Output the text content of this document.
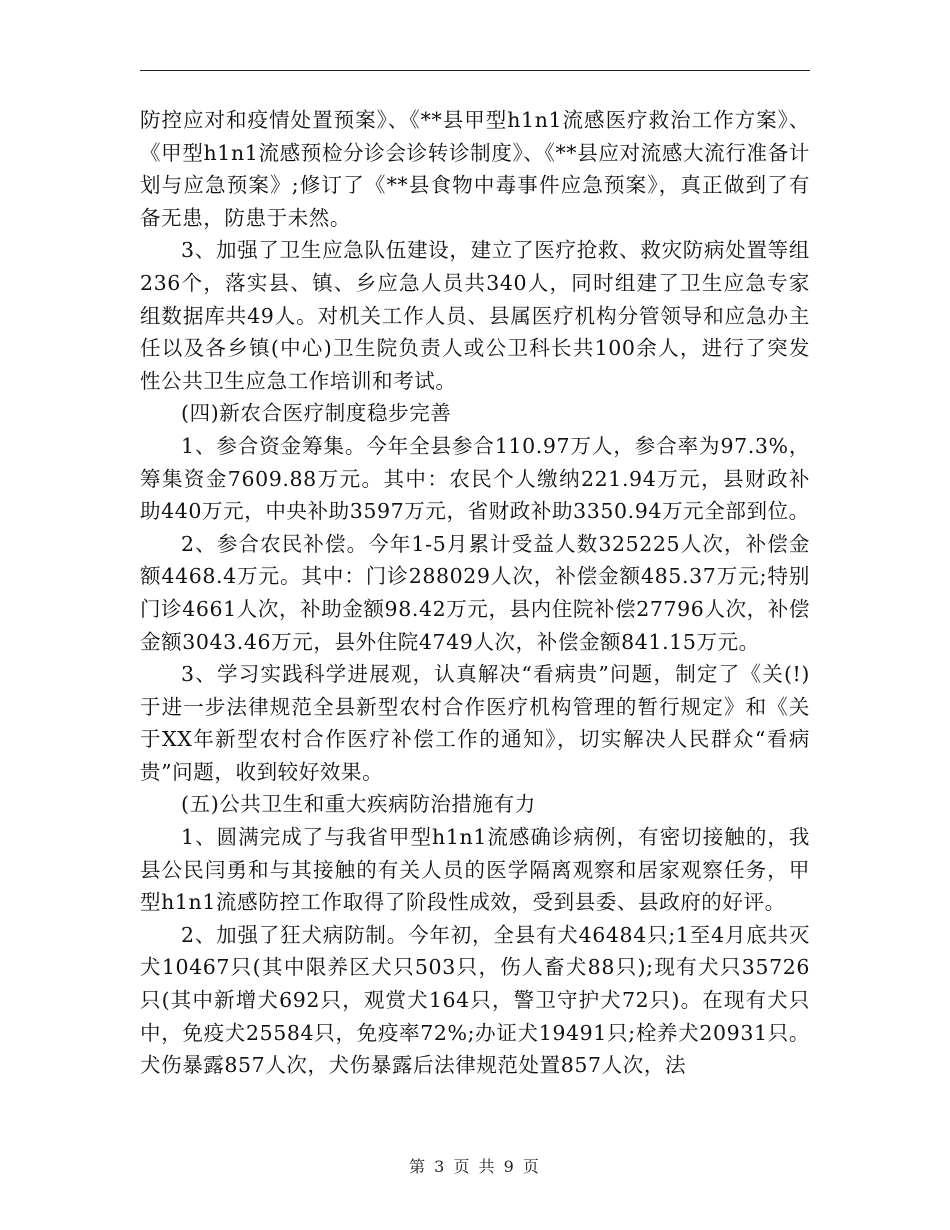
防控应对和疫情处置预案》、《**县甲型h1n1流感医疗救治工作方案》、《甲型h1n1流感预检分诊会诊转诊制度》、《**县应对流感大流行准备计划与应急预案》;修订了《**县食物中毒事件应急预案》，真正做到了有备无患，防患于未然。

3、加强了卫生应急队伍建设，建立了医疗抢救、救灾防病处置等组236个，落实县、镇、乡应急人员共340人，同时组建了卫生应急专家组数据库共49人。对机关工作人员、县属医疗机构分管领导和应急办主任以及各乡镇(中心)卫生院负责人或公卫科长共100余人，进行了突发性公共卫生应急工作培训和考试。

(四)新农合医疗制度稳步完善

1、参合资金筹集。今年全县参合110.97万人，参合率为97.3%，筹集资金7609.88万元。其中：农民个人缴纳221.94万元，县财政补助440万元，中央补助3597万元，省财政补助3350.94万元全部到位。

2、参合农民补偿。今年1-5月累计受益人数325225人次，补偿金额4468.4万元。其中：门诊288029人次，补偿金额485.37万元;特别门诊4661人次，补助金额98.42万元，县内住院补偿27796人次，补偿金额3043.46万元，县外住院4749人次，补偿金额841.15万元。

3、学习实践科学进展观，认真解决“看病贵”问题，制定了《关(!)于进一步法律规范全县新型农村合作医疗机构管理的暂行规定》和《关于XX年新型农村合作医疗补偿工作的通知》，切实解决人民群众“看病贵”问题，收到较好效果。

(五)公共卫生和重大疾病防治措施有力

1、圆满完成了与我省甲型h1n1流感确诊病例，有密切接触的，我县公民闫勇和与其接触的有关人员的医学隔离观察和居家观察任务，甲型h1n1流感防控工作取得了阶段性成效，受到县委、县政府的好评。

2、加强了狂犬病防制。今年初，全县有犬46484只;1至4月底共灭犬10467只(其中限养区犬只503只，伤人畜犬88只);现有犬只35726只(其中新增犬692只，观赏犬164只，警卫守护犬72只)。在现有犬只中，免疫犬25584只，免疫率72%;办证犬19491只;栓养犬20931只。犬伤暴露857人次，犬伤暴露后法律规范处置857人次，法

第 3 页 共 9 页
